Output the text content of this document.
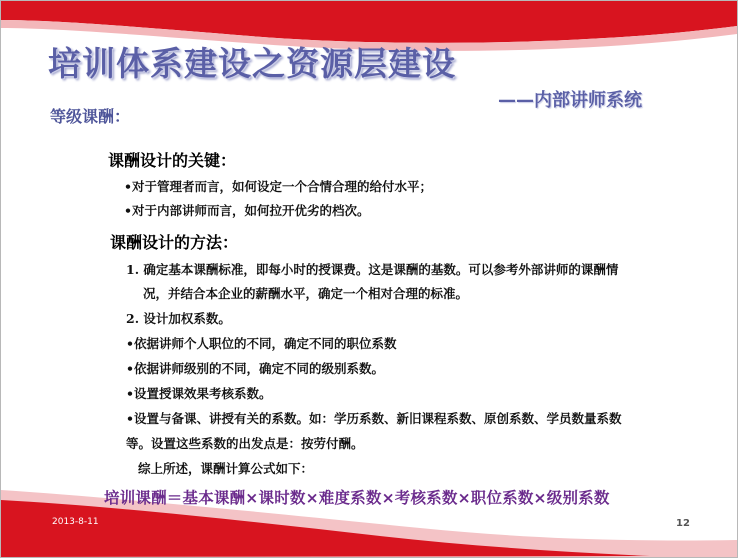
培训体系建设之资源层建设
——内部讲师系统
等级课酬：
课酬设计的关键：
•对于管理者而言，如何设定一个合情合理的给付水平；
•对于内部讲师而言，如何拉开优劣的档次。
课酬设计的方法：
1. 确定基本课酬标准，即每小时的授课费。这是课酬的基数。可以参考外部讲师的课酬情
况，并结合本企业的薪酬水平，确定一个相对合理的标准。
2. 设计加权系数。
•依据讲师个人职位的不同，确定不同的职位系数
•依据讲师级别的不同，确定不同的级别系数。
•设置授课效果考核系数。
•设置与备课、讲授有关的系数。如：学历系数、新旧课程系数、原创系数、学员数量系数
等。设置这些系数的出发点是：按劳付酬。
综上所述，课酬计算公式如下：
培训课酬＝基本课酬×课时数×难度系数×考核系数×职位系数×级别系数
2013-8-11	12
